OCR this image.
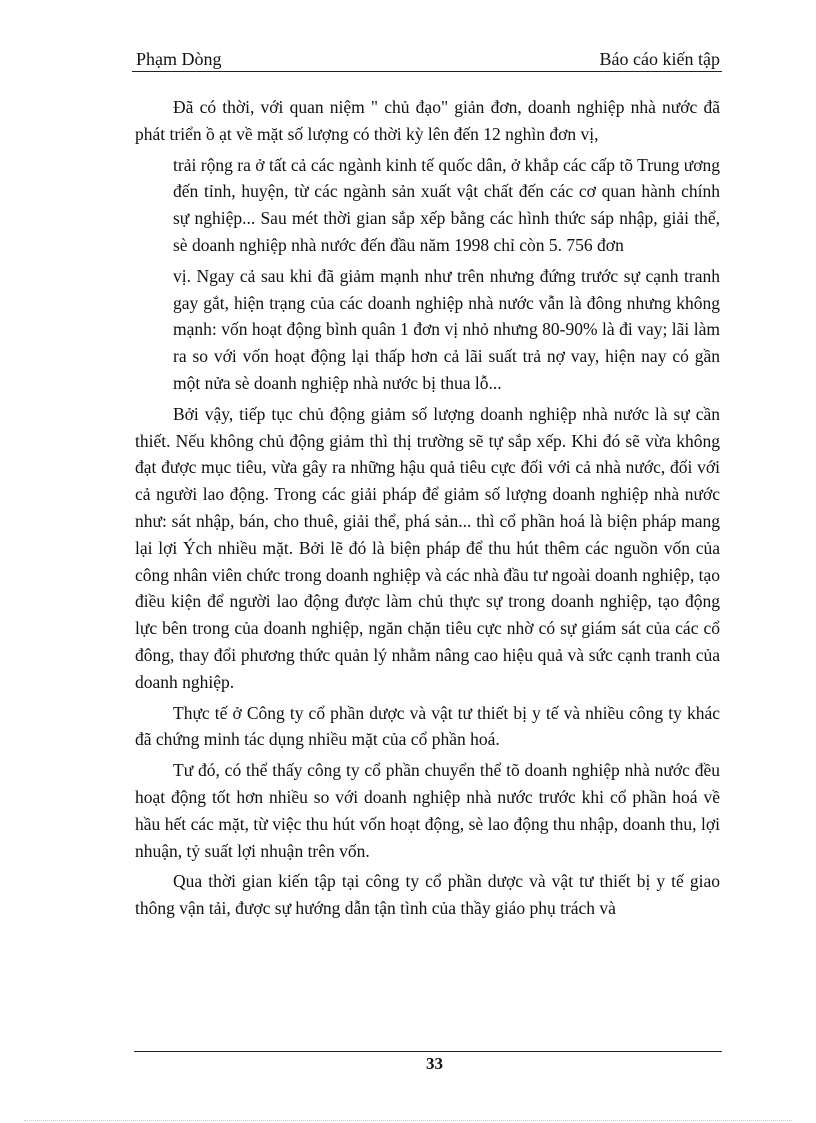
Phạm Dòng	Báo cáo kiến tập

Đã có thời, với quan niệm " chủ đạo" giản đơn, doanh nghiệp nhà nước đã phát triển ồ ạt về mặt số lượng có thời kỳ lên đến 12 nghìn đơn vị,

trải rộng ra ở tất cả các ngành kinh tế quốc dân, ở khắp các cấp tõ Trung ương đến tỉnh, huyện, từ các ngành sản xuất vật chất đến các cơ quan hành chính sự nghiệp... Sau mét thời gian sắp xếp bằng các hình thức sáp nhập, giải thể, sè doanh nghiệp nhà nước đến đầu năm 1998 chỉ còn 5. 756 đơn

vị. Ngay cả sau khi đã giảm mạnh như trên nhưng đứng trước sự cạnh tranh gay gắt, hiện trạng của các doanh nghiệp nhà nước vẫn là đông nhưng không mạnh: vốn hoạt động bình quân 1 đơn vị nhỏ nhưng 80-90% là đi vay; lãi làm ra so với vốn hoạt động lại thấp hơn cả lãi suất trả nợ vay, hiện nay có gần một nửa sè doanh nghiệp nhà nước bị thua lỗ...

Bởi vậy, tiếp tục chủ động giảm số lượng doanh nghiệp nhà nước là sự cần thiết. Nếu không chủ động giảm thì thị trường sẽ tự sắp xếp. Khi đó sẽ vừa không đạt được mục tiêu, vừa gây ra những hậu quả tiêu cực đối với cả nhà nước, đối với cả người lao động. Trong các giải pháp để giảm số lượng doanh nghiệp nhà nước như: sát nhập, bán, cho thuê, giải thể, phá sản... thì cổ phần hoá là biện pháp mang lại lợi Ých nhiều mặt. Bởi lẽ đó là biện pháp để thu hút thêm các nguồn vốn của công nhân viên chức trong doanh nghiệp và các nhà đầu tư ngoài doanh nghiệp, tạo điều kiện để người lao động được làm chủ thực sự trong doanh nghiệp, tạo động lực bên trong của doanh nghiệp, ngăn chặn tiêu cực nhờ có sự giám sát của các cổ đông, thay đổi phương thức quản lý nhằm nâng cao hiệu quả và sức cạnh tranh của doanh nghiệp.

Thực tế ở Công ty cổ phần dược và vật tư thiết bị y tế và nhiều công ty khác đã chứng minh tác dụng nhiều mặt của cổ phần hoá.

Tư đó, có thể thấy công ty cổ phần chuyển thể tõ doanh nghiệp nhà nước đều hoạt động tốt hơn nhiều so với doanh nghiệp nhà nước trước khi cổ phần hoá về hầu hết các mặt, từ việc thu hút vốn hoạt động, sè lao động thu nhập, doanh thu, lợi nhuận, tỷ suất lợi nhuận trên vốn.

Qua thời gian kiến tập tại công ty cổ phần dược và vật tư thiết bị y tế giao thông vận tải, được sự hướng dẫn tận tình của thầy giáo phụ trách và

33
